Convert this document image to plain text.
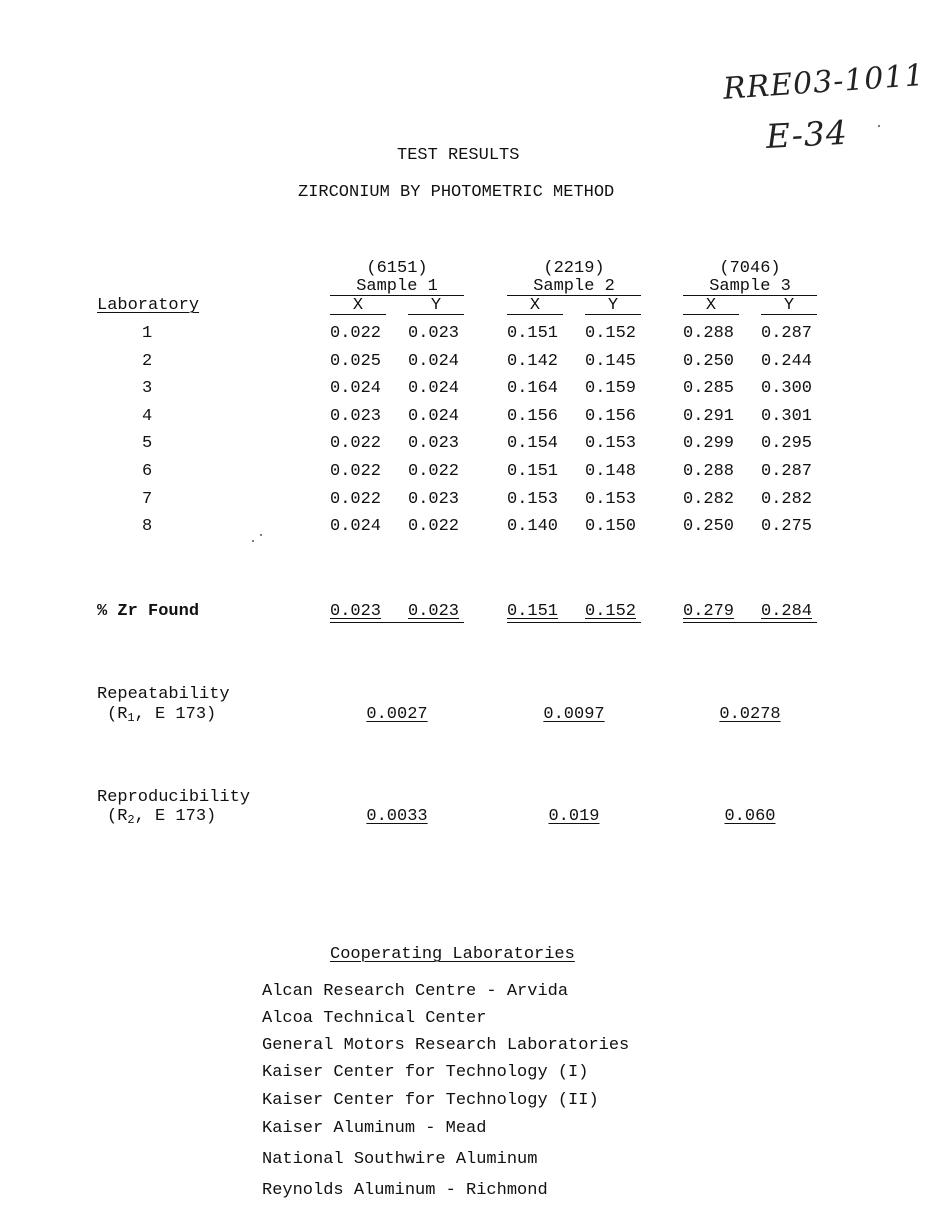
RRE03-1011
E-34
TEST RESULTS
ZIRCONIUM BY PHOTOMETRIC METHOD
(6151)
Sample 1
X	Y
(2219)
Sample 2
X	Y
(7046)
Sample 3
X	Y
Laboratory
1	0.022 0.023	0.151 0.152	0.288 0.287
2	0.025 0.024	0.142 0.145	0.250 0.244
3	0.024 0.024	0.164 0.159	0.285 0.300
4	0.023 0.024	0.156 0.156	0.291 0.301
5	0.022 0.023	0.154 0.153	0.299 0.295
6	0.022 0.022	0.151 0.148	0.288 0.287
7	0.022 0.023	0.153 0.153	0.282 0.282
8	0.024 0.022	0.140 0.150	0.250 0.275
% Zr Found	0.023 0.023	0.151 0.152	0.279 0.284
Repeatability
($R_1$, E 173)	0.0027	0.0097	0.0278
Reproducibility
($R_2$, E 173)	0.0033	0.019	0.060
Cooperating Laboratories
Alcan Research Centre - Arvida
Alcoa Technical Center
General Motors Research Laboratories
Kaiser Center for Technology (I)
Kaiser Center for Technology (II)
Kaiser Aluminum - Mead
National Southwire Aluminum
Reynolds Aluminum - Richmond
